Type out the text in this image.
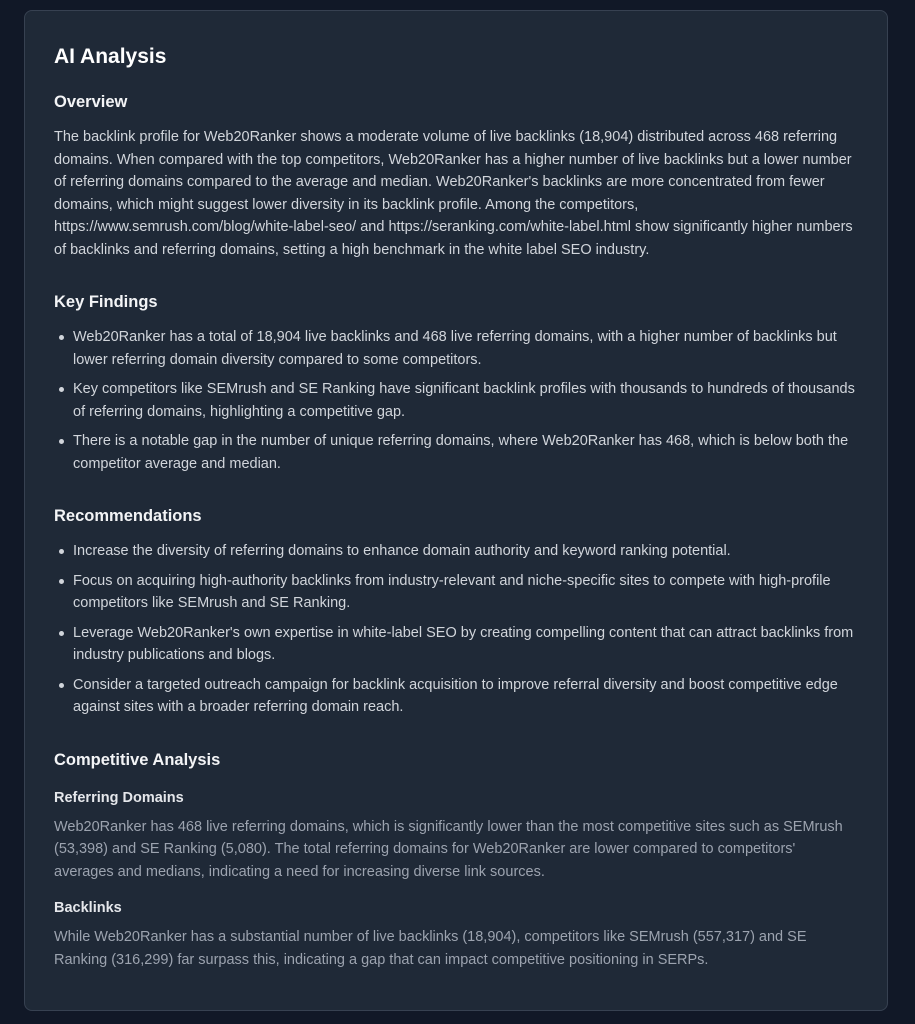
AI Analysis
Overview

The backlink profile for Web20Ranker shows a moderate volume of live backlinks (18,904) distributed across 468 referring domains. When compared with the top competitors, Web20Ranker has a higher number of live backlinks but a lower number of referring domains compared to the average and median. Web20Ranker's backlinks are more concentrated from fewer domains, which might suggest lower diversity in its backlink profile. Among the competitors, https://www.semrush.com/blog/white-label-seo/ and https://seranking.com/white-label.html show significantly higher numbers of backlinks and referring domains, setting a high benchmark in the white label SEO industry.

Key Findings
Web20Ranker has a total of 18,904 live backlinks and 468 live referring domains, with a higher number of backlinks but lower referring domain diversity compared to some competitors.
Key competitors like SEMrush and SE Ranking have significant backlink profiles with thousands to hundreds of thousands of referring domains, highlighting a competitive gap.
There is a notable gap in the number of unique referring domains, where Web20Ranker has 468, which is below both the competitor average and median.
Recommendations
Increase the diversity of referring domains to enhance domain authority and keyword ranking potential.
Focus on acquiring high-authority backlinks from industry-relevant and niche-specific sites to compete with high-profile competitors like SEMrush and SE Ranking.
Leverage Web20Ranker's own expertise in white-label SEO by creating compelling content that can attract backlinks from industry publications and blogs.
Consider a targeted outreach campaign for backlink acquisition to improve referral diversity and boost competitive edge against sites with a broader referring domain reach.
Competitive Analysis
Referring Domains

Web20Ranker has 468 live referring domains, which is significantly lower than the most competitive sites such as SEMrush (53,398) and SE Ranking (5,080). The total referring domains for Web20Ranker are lower compared to competitors' averages and medians, indicating a need for increasing diverse link sources.

Backlinks

While Web20Ranker has a substantial number of live backlinks (18,904), competitors like SEMrush (557,317) and SE Ranking (316,299) far surpass this, indicating a gap that can impact competitive positioning in SERPs.
